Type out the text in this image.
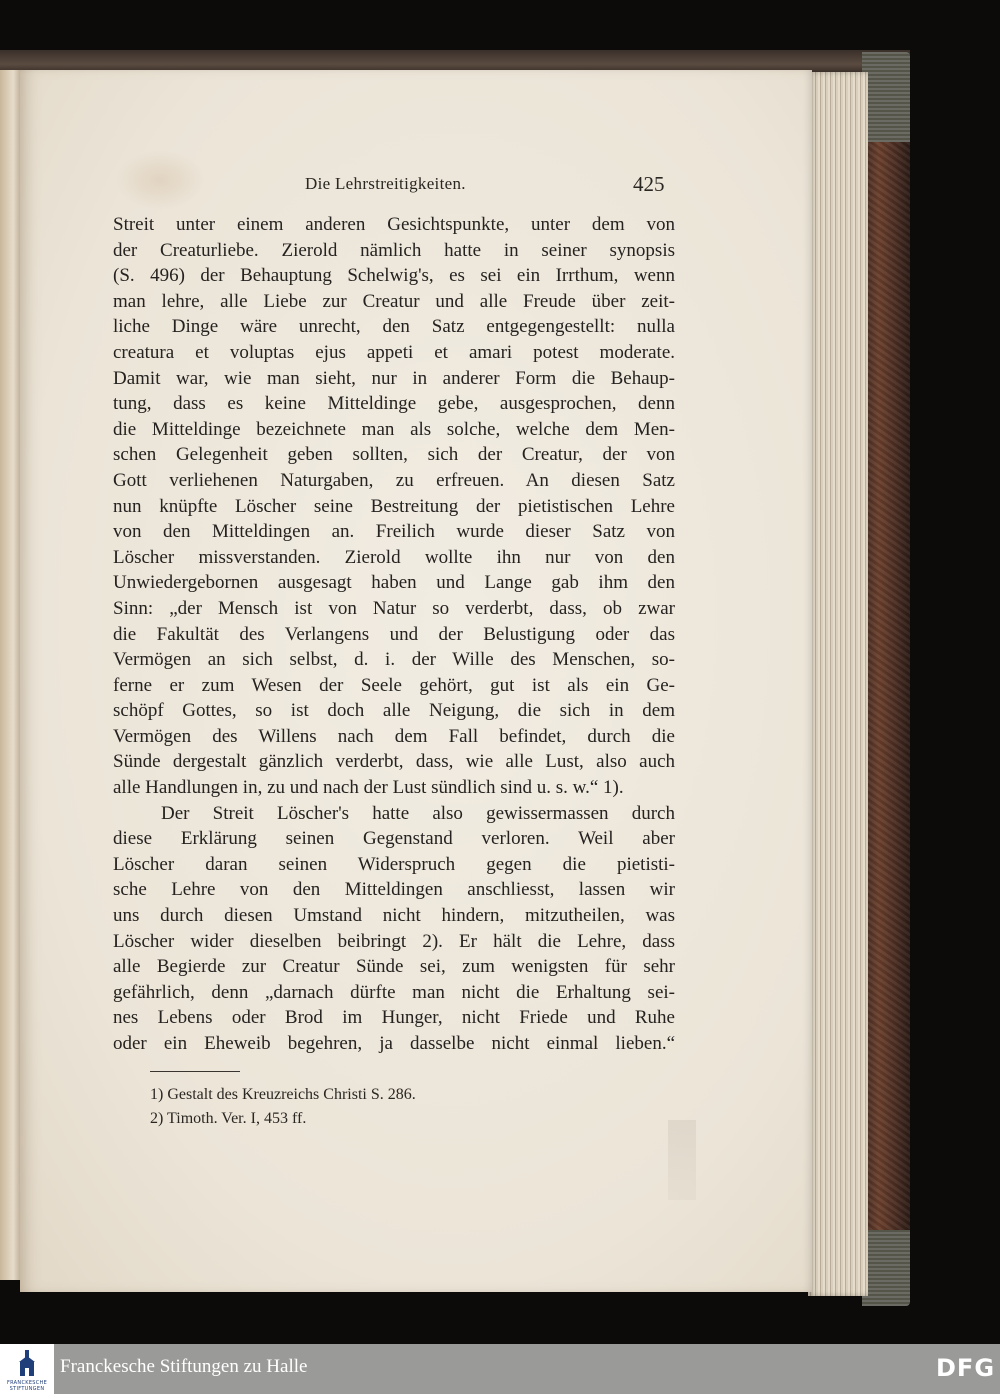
Die Lehrstreitigkeiten.	425
Streit unter einem anderen Gesichtspunkte, unter dem von
der Creaturliebe. Zierold nämlich hatte in seiner synopsis
(S. 496) der Behauptung Schelwig's, es sei ein Irrthum, wenn
man lehre, alle Liebe zur Creatur und alle Freude über zeit-
liche Dinge wäre unrecht, den Satz entgegengestellt: nulla
creatura et voluptas ejus appeti et amari potest moderate.
Damit war, wie man sieht, nur in anderer Form die Behaup-
tung, dass es keine Mitteldinge gebe, ausgesprochen, denn
die Mitteldinge bezeichnete man als solche, welche dem Men-
schen Gelegenheit geben sollten, sich der Creatur, der von
Gott verliehenen Naturgaben, zu erfreuen. An diesen Satz
nun knüpfte Löscher seine Bestreitung der pietistischen Lehre
von den Mitteldingen an. Freilich wurde dieser Satz von
Löscher missverstanden. Zierold wollte ihn nur von den
Unwiedergebornen ausgesagt haben und Lange gab ihm den
Sinn: „der Mensch ist von Natur so verderbt, dass, ob zwar
die Fakultät des Verlangens und der Belustigung oder das
Vermögen an sich selbst, d. i. der Wille des Menschen, so-
ferne er zum Wesen der Seele gehört, gut ist als ein Ge-
schöpf Gottes, so ist doch alle Neigung, die sich in dem
Vermögen des Willens nach dem Fall befindet, durch die
Sünde dergestalt gänzlich verderbt, dass, wie alle Lust, also auch
alle Handlungen in, zu und nach der Lust sündlich sind u. s. w.“ 1).
Der Streit Löscher's hatte also gewissermassen durch
diese Erklärung seinen Gegenstand verloren. Weil aber
Löscher daran seinen Widerspruch gegen die pietisti-
sche Lehre von den Mitteldingen anschliesst, lassen wir
uns durch diesen Umstand nicht hindern, mitzutheilen, was
Löscher wider dieselben beibringt 2). Er hält die Lehre, dass
alle Begierde zur Creatur Sünde sei, zum wenigsten für sehr
gefährlich, denn „darnach dürfte man nicht die Erhaltung sei-
nes Lebens oder Brod im Hunger, nicht Friede und Ruhe
oder ein Eheweib begehren, ja dasselbe nicht einmal lieben.“
1) Gestalt des Kreuzreichs Christi S. 286.
2) Timoth. Ver. I, 453 ff.
FRANCKESCHE STIFTUNGEN
Franckesche Stiftungen zu Halle	DFG
